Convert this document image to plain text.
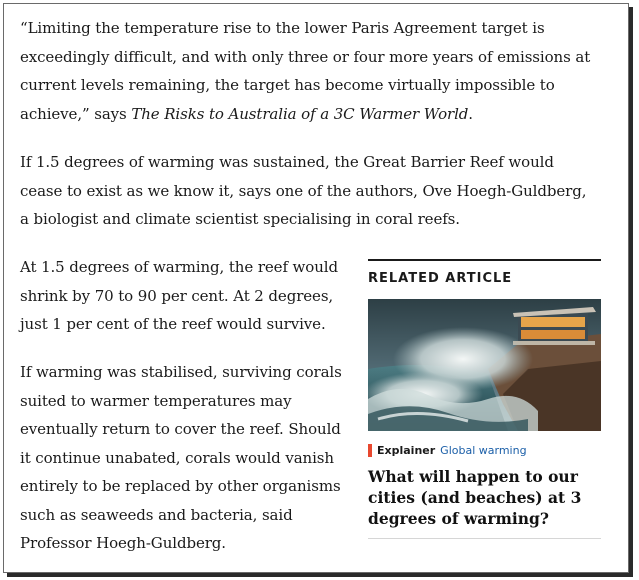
“Limiting the temperature rise to the lower Paris Agreement target is exceedingly difficult, and with only three or four more years of emissions at current levels remaining, the target has become virtually impossible to achieve,” says The Risks to Australia of a 3C Warmer World.

If 1.5 degrees of warming was sustained, the Great Barrier Reef would cease to exist as we know it, says one of the authors, Ove Hoegh-Guldberg, a biologist and climate scientist specialising in coral reefs.

At 1.5 degrees of warming, the reef would shrink by 70 to 90 per cent. At 2 degrees, just 1 per cent of the reef would survive.

If warming was stabilised, surviving corals suited to warmer temperatures may eventually return to cover the reef. Should it continue unabated, corals would vanish entirely to be replaced by other organisms such as seaweeds and bacteria, said Professor Hoegh-Guldberg.

RELATED ARTICLE
Explainer Global warming
What will happen to our cities (and beaches) at 3 degrees of warming?
